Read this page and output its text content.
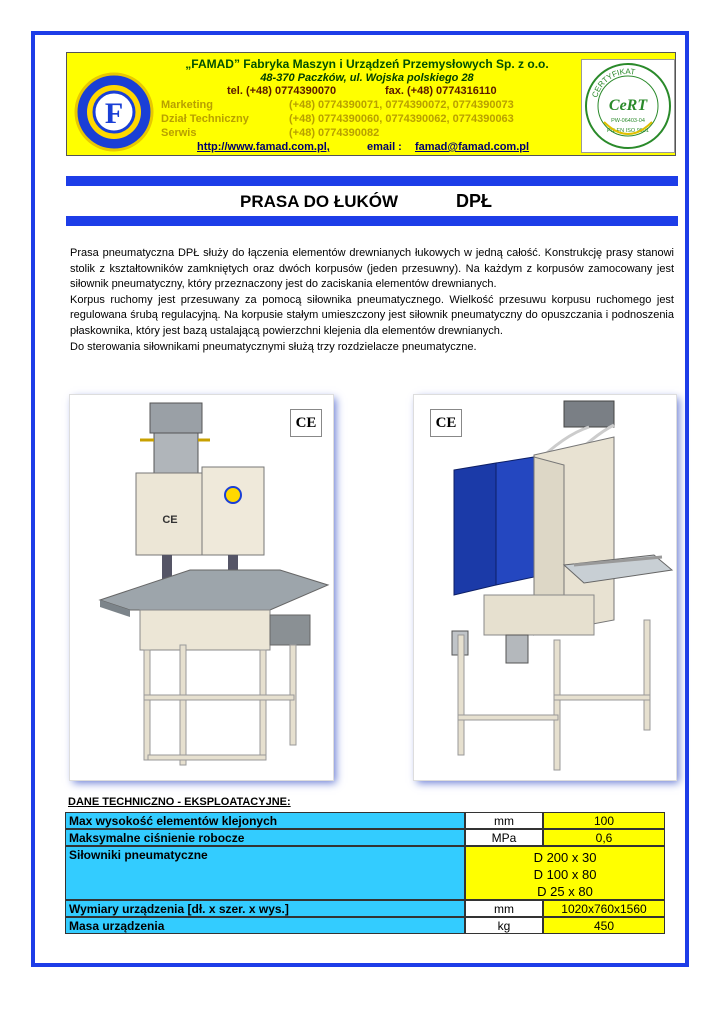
F
„FAMAD” Fabryka Maszyn i Urządzeń Przemysłowych Sp. z o.o.
48-370 Paczków, ul. Wojska polskiego 28
tel. (+48) 0774390070	fax. (+48) 0774316110
Marketing	(+48) 0774390071, 0774390072, 0774390073
Dział Techniczny	(+48) 0774390060, 0774390062, 0774390063
Serwis	(+48) 0774390082
http://www.famad.com.pl,	email : famad@famad.com.pl
CERTYFIKAT
CeRT
PW-06403-04
PN-EN ISO 9001
PRASA DO ŁUKÓW	DPŁ

Prasa pneumatyczna DPŁ służy do łączenia elementów drewnianych łukowych w jedną całość. Konstrukcję prasy stanowi stolik z kształtowników zamkniętych oraz dwóch korpusów (jeden przesuwny). Na każdym z korpusów zamocowany jest siłownik pneumatyczny, który przeznaczony jest do zaciskania elementów drewnianych.

Korpus ruchomy jest przesuwany za pomocą siłownika pneumatycznego. Wielkość przesuwu korpusu ruchomego jest regulowana śrubą regulacyjną. Na korpusie stałym umieszczony jest siłownik pneumatyczny do opuszczania i podnoszenia płaskownika, który jest bazą ustalającą powierzchni klejenia dla elementów drewnianych.

Do sterowania siłownikami pneumatycznymi służą trzy rozdzielacze pneumatyczne.

CE
CE
CE
DANE TECHNICZNO - EKSPLOATACYJNE:
Max wysokość elementów klejonych	mm	100
Maksymalne ciśnienie robocze	MPa	0,6
Siłowniki pneumatyczne	D 200 x 30
D 100 x 80
D 25 x 80
Wymiary urządzenia [dł. x szer. x wys.]	mm	1020x760x1560
Masa urządzenia	kg	450
